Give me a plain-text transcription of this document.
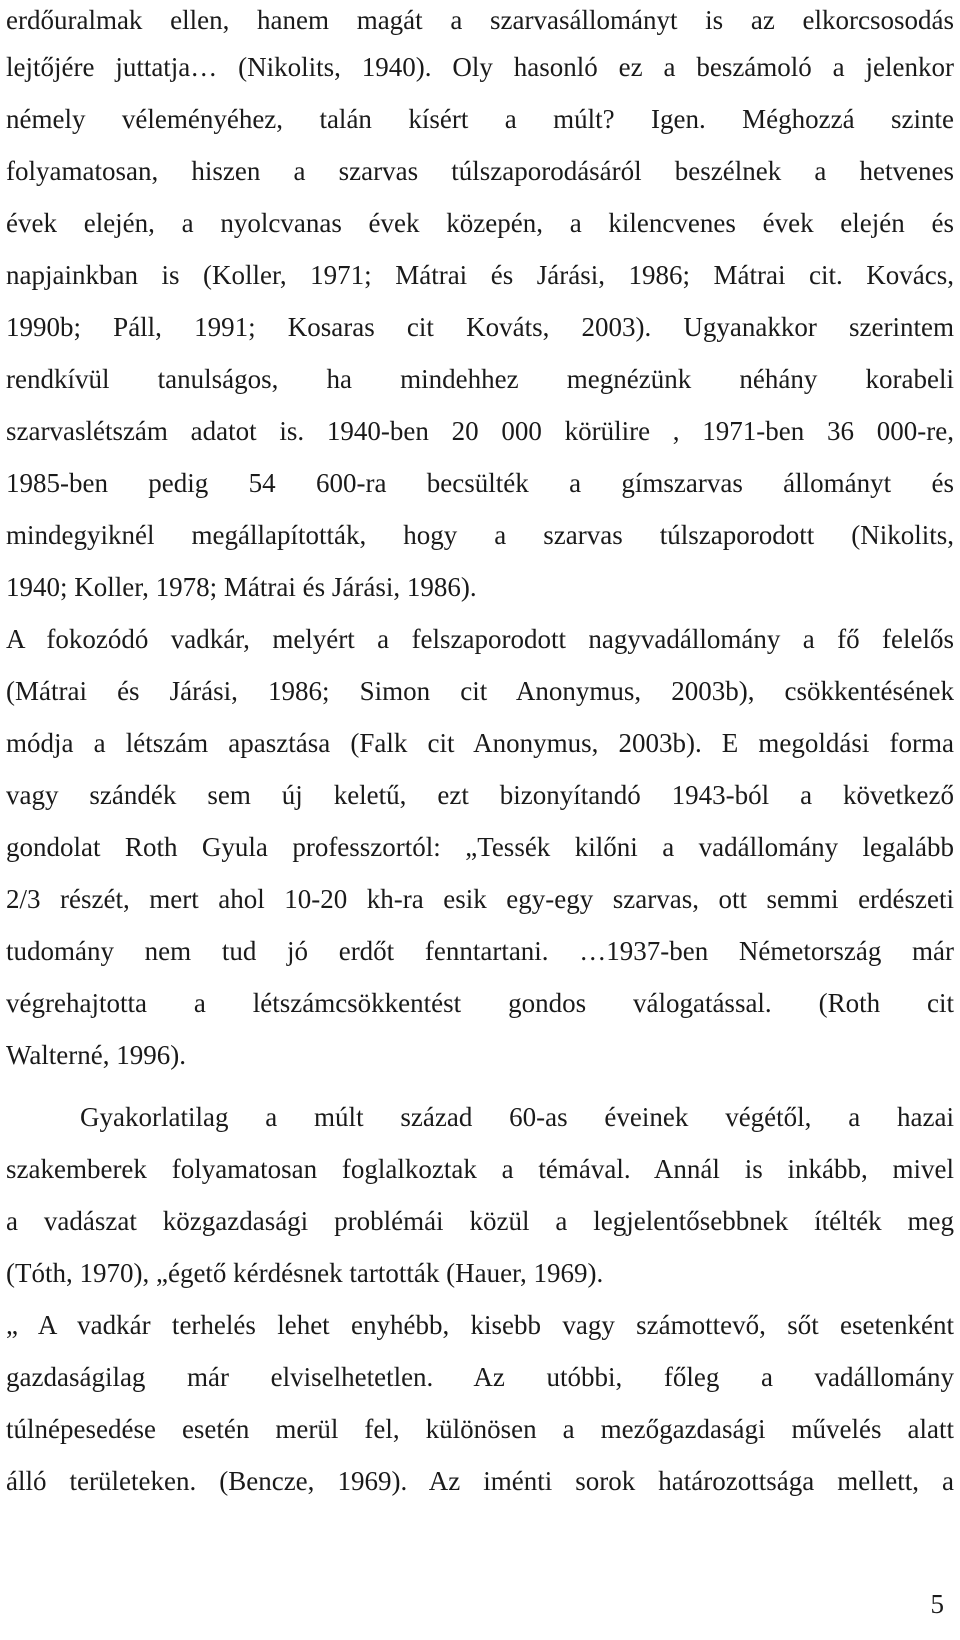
erdőuralmak ellen, hanem magát a szarvasállományt is az elkorcsosodás
lejtőjére juttatja… (Nikolits, 1940). Oly hasonló ez a beszámoló a jelenkor
némely véleményéhez, talán kísért a múlt? Igen. Méghozzá szinte
folyamatosan, hiszen a szarvas túlszaporodásáról beszélnek a hetvenes
évek elején, a nyolcvanas évek közepén, a kilencvenes évek elején és
napjainkban is (Koller, 1971; Mátrai és Járási, 1986; Mátrai cit. Kovács,
1990b; Páll, 1991; Kosaras cit Kováts, 2003). Ugyanakkor szerintem
rendkívül tanulságos, ha mindehhez megnézünk néhány korabeli
szarvaslétszám adatot is. 1940-ben 20 000 körülire , 1971-ben 36 000-re,
1985-ben pedig 54 600-ra becsülték a gímszarvas állományt és
mindegyiknél megállapították, hogy a szarvas túlszaporodott (Nikolits,
1940; Koller, 1978; Mátrai és Járási, 1986).
A fokozódó vadkár, melyért a felszaporodott nagyvadállomány a fő felelős
(Mátrai és Járási, 1986; Simon cit Anonymus, 2003b), csökkentésének
módja a létszám apasztása (Falk cit Anonymus, 2003b). E megoldási forma
vagy szándék sem új keletű, ezt bizonyítandó 1943-ból a következő
gondolat Roth Gyula professzortól: „Tessék kilőni a vadállomány legalább
2/3 részét, mert ahol 10-20 kh-ra esik egy-egy szarvas, ott semmi erdészeti
tudomány nem tud jó erdőt fenntartani. …1937-ben Németország már
végrehajtotta a létszámcsökkentést gondos válogatással. (Roth cit
Walterné, 1996).
Gyakorlatilag a múlt század 60-as éveinek végétől, a hazai
szakemberek folyamatosan foglalkoztak a témával. Annál is inkább, mivel
a vadászat közgazdasági problémái közül a legjelentősebbnek ítélték meg
(Tóth, 1970), „égető kérdésnek tartották (Hauer, 1969).
„ A vadkár terhelés lehet enyhébb, kisebb vagy számottevő, sőt esetenként
gazdaságilag már elviselhetetlen. Az utóbbi, főleg a vadállomány
túlnépesedése esetén merül fel, különösen a mezőgazdasági művelés alatt
álló területeken. (Bencze, 1969). Az iménti sorok határozottsága mellett, a
5
